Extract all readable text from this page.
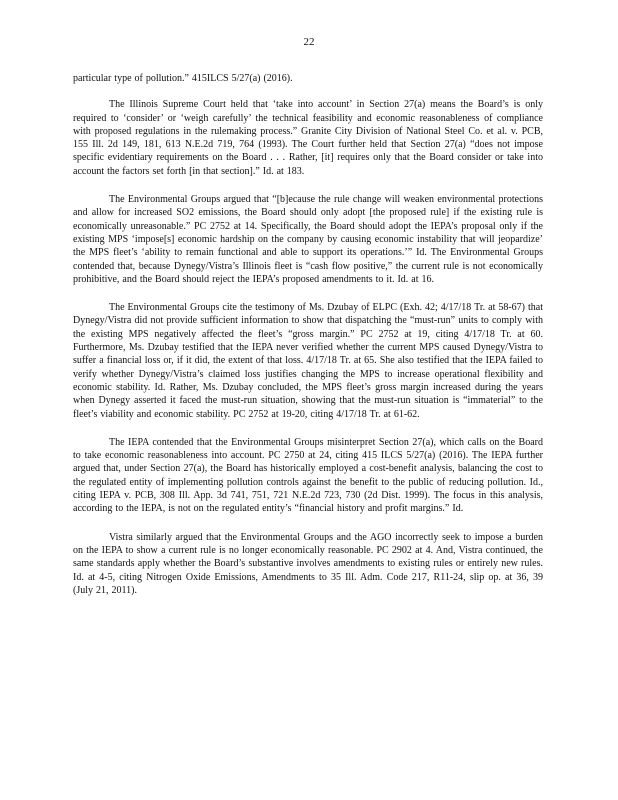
22

particular type of pollution.” 415ILCS 5/27(a) (2016).

The Illinois Supreme Court held that ‘take into account’ in Section 27(a) means the Board’s is only required to ‘consider’ or ‘weigh carefully’ the technical feasibility and economic reasonableness of compliance with proposed regulations in the rulemaking process.” Granite City Division of National Steel Co. et al. v. PCB, 155 Ill. 2d 149, 181, 613 N.E.2d 719, 764 (1993). The Court further held that Section 27(a) “does not impose specific evidentiary requirements on the Board . . . Rather, [it] requires only that the Board consider or take into account the factors set forth [in that section].” Id. at 183.

The Environmental Groups argued that “[b]ecause the rule change will weaken environmental protections and allow for increased SO2 emissions, the Board should only adopt [the proposed rule] if the existing rule is economically unreasonable.” PC 2752 at 14. Specifically, the Board should adopt the IEPA’s proposal only if the existing MPS ‘impose[s] economic hardship on the company by causing economic instability that will jeopardize’ the MPS fleet’s ‘ability to remain functional and able to support its operations.’” Id. The Environmental Groups contended that, because Dynegy/Vistra’s Illinois fleet is “cash flow positive,” the current rule is not economically prohibitive, and the Board should reject the IEPA’s proposed amendments to it. Id. at 16.

The Environmental Groups cite the testimony of Ms. Dzubay of ELPC (Exh. 42; 4/17/18 Tr. at 58-67) that Dynegy/Vistra did not provide sufficient information to show that dispatching the “must-run” units to comply with the existing MPS negatively affected the fleet’s “gross margin.” PC 2752 at 19, citing 4/17/18 Tr. at 60. Furthermore, Ms. Dzubay testified that the IEPA never verified whether the current MPS caused Dynegy/Vistra to suffer a financial loss or, if it did, the extent of that loss. 4/17/18 Tr. at 65. She also testified that the IEPA failed to verify whether Dynegy/Vistra’s claimed loss justifies changing the MPS to increase operational flexibility and economic stability. Id. Rather, Ms. Dzubay concluded, the MPS fleet’s gross margin increased during the years when Dynegy asserted it faced the must-run situation, showing that the must-run situation is “immaterial” to the fleet’s viability and economic stability. PC 2752 at 19-20, citing 4/17/18 Tr. at 61-62.

The IEPA contended that the Environmental Groups misinterpret Section 27(a), which calls on the Board to take economic reasonableness into account. PC 2750 at 24, citing 415 ILCS 5/27(a) (2016). The IEPA further argued that, under Section 27(a), the Board has historically employed a cost-benefit analysis, balancing the cost to the regulated entity of implementing pollution controls against the benefit to the public of reducing pollution. Id., citing IEPA v. PCB, 308 Ill. App. 3d 741, 751, 721 N.E.2d 723, 730 (2d Dist. 1999). The focus in this analysis, according to the IEPA, is not on the regulated entity’s “financial history and profit margins.” Id.

Vistra similarly argued that the Environmental Groups and the AGO incorrectly seek to impose a burden on the IEPA to show a current rule is no longer economically reasonable. PC 2902 at 4. And, Vistra continued, the same standards apply whether the Board’s substantive involves amendments to existing rules or entirely new rules. Id. at 4-5, citing Nitrogen Oxide Emissions, Amendments to 35 Ill. Adm. Code 217, R11-24, slip op. at 36, 39 (July 21, 2011).
